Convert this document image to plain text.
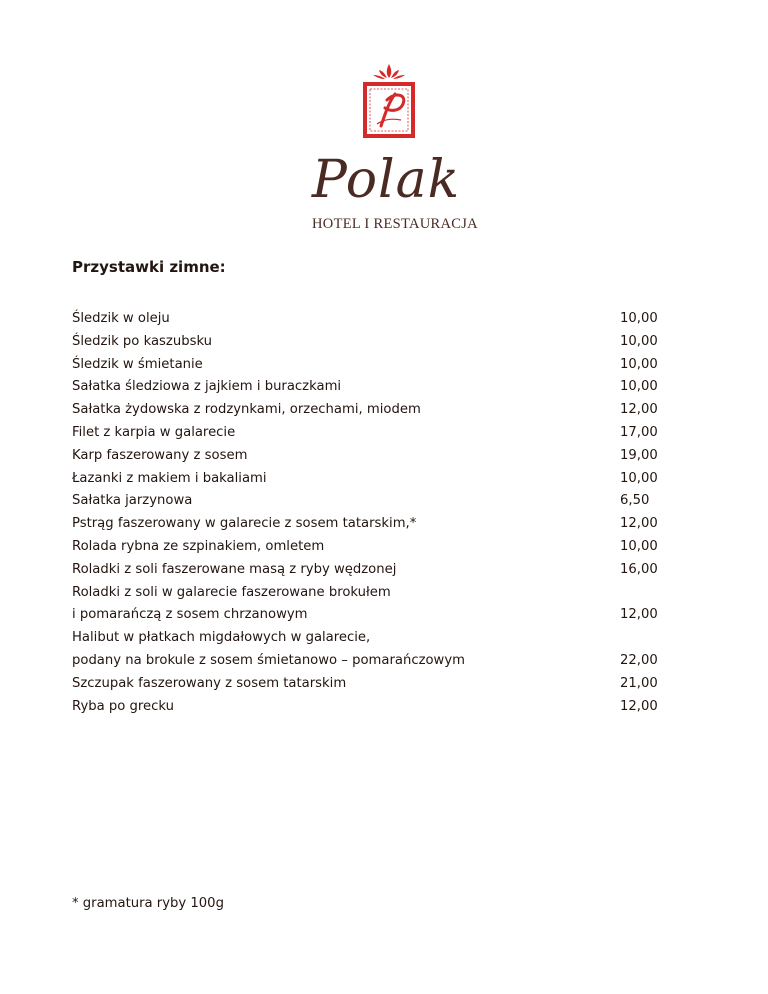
Polak
HOTEL I RESTAURACJA
Przystawki zimne:
Śledzik w oleju	10,00
Śledzik po kaszubsku	10,00
Śledzik w śmietanie	10,00
Sałatka śledziowa z jajkiem i buraczkami	10,00
Sałatka żydowska z rodzynkami, orzechami, miodem	12,00
Filet z karpia w galarecie	17,00
Karp faszerowany z sosem	19,00
Łazanki z makiem i bakaliami	10,00
Sałatka jarzynowa	6,50
Pstrąg faszerowany w galarecie z sosem tatarskim,*	12,00
Rolada rybna ze szpinakiem, omletem	10,00
Roladki z soli faszerowane masą z ryby wędzonej	16,00
Roladki z soli w galarecie faszerowane brokułem
i pomarańczą z sosem chrzanowym	12,00
Halibut w płatkach migdałowych w galarecie,
podany na brokule z sosem śmietanowo – pomarańczowym	22,00
Szczupak faszerowany z sosem tatarskim	21,00
Ryba po grecku	12,00
* gramatura ryby 100g
